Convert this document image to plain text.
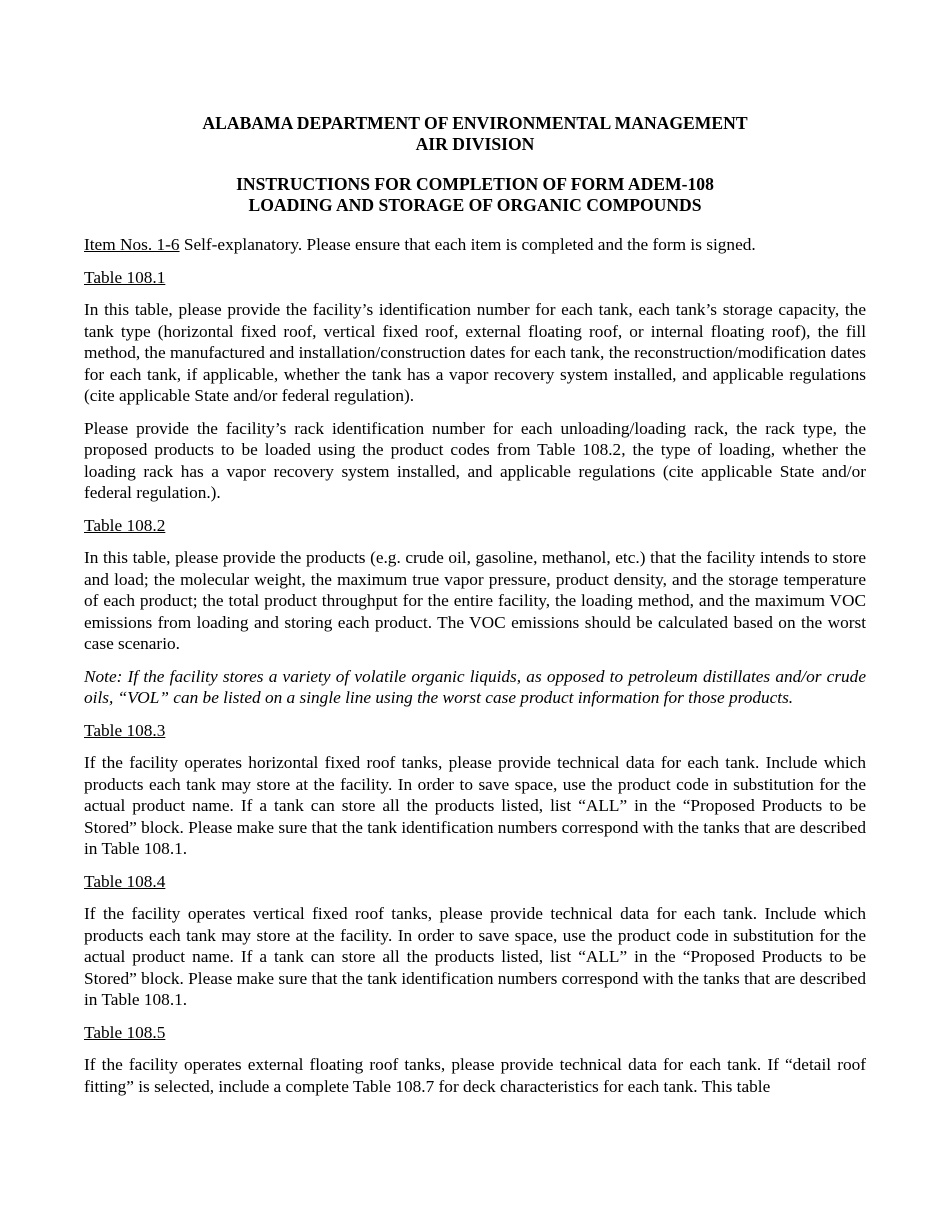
ALABAMA DEPARTMENT OF ENVIRONMENTAL MANAGEMENT

AIR DIVISION

INSTRUCTIONS FOR COMPLETION OF FORM ADEM-108

LOADING AND STORAGE OF ORGANIC COMPOUNDS

Item Nos. 1-6 Self-explanatory. Please ensure that each item is completed and the form is signed.

Table 108.1

In this table, please provide the facility’s identification number for each tank, each tank’s storage capacity, the tank type (horizontal fixed roof, vertical fixed roof, external floating roof, or internal floating roof), the fill method, the manufactured and installation/construction dates for each tank, the reconstruction/modification dates for each tank, if applicable, whether the tank has a vapor recovery system installed, and applicable regulations (cite applicable State and/or federal regulation).

Please provide the facility’s rack identification number for each unloading/loading rack, the rack type, the proposed products to be loaded using the product codes from Table 108.2, the type of loading, whether the loading rack has a vapor recovery system installed, and applicable regulations (cite applicable State and/or federal regulation.).

Table 108.2

In this table, please provide the products (e.g. crude oil, gasoline, methanol, etc.) that the facility intends to store and load; the molecular weight, the maximum true vapor pressure, product density, and the storage temperature of each product; the total product throughput for the entire facility, the loading method, and the maximum VOC emissions from loading and storing each product. The VOC emissions should be calculated based on the worst case scenario.

Note: If the facility stores a variety of volatile organic liquids, as opposed to petroleum distillates and/or crude oils, “VOL” can be listed on a single line using the worst case product information for those products.

Table 108.3

If the facility operates horizontal fixed roof tanks, please provide technical data for each tank. Include which products each tank may store at the facility. In order to save space, use the product code in substitution for the actual product name. If a tank can store all the products listed, list “ALL” in the “Proposed Products to be Stored” block. Please make sure that the tank identification numbers correspond with the tanks that are described in Table 108.1.

Table 108.4

If the facility operates vertical fixed roof tanks, please provide technical data for each tank. Include which products each tank may store at the facility. In order to save space, use the product code in substitution for the actual product name. If a tank can store all the products listed, list “ALL” in the “Proposed Products to be Stored” block. Please make sure that the tank identification numbers correspond with the tanks that are described in Table 108.1.

Table 108.5

If the facility operates external floating roof tanks, please provide technical data for each tank. If “detail roof fitting” is selected, include a complete Table 108.7 for deck characteristics for each tank. This table
